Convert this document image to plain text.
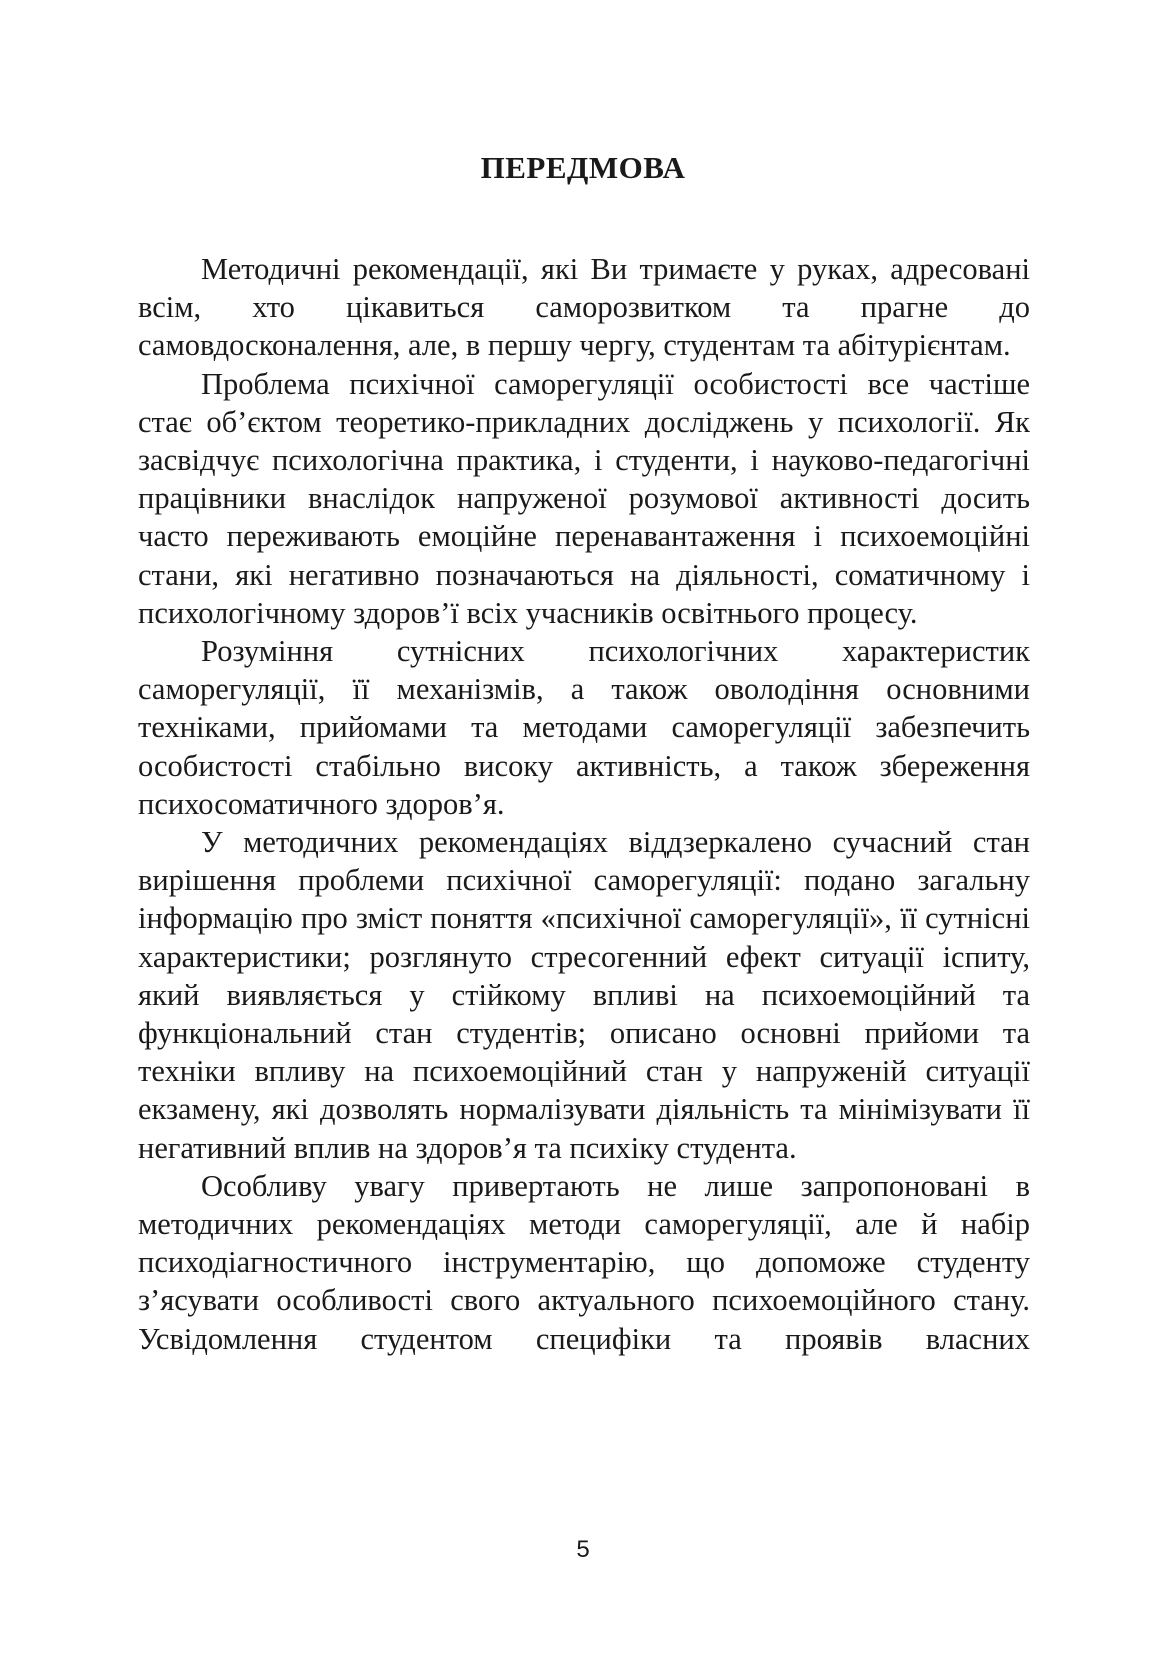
ПЕРЕДМОВА

Методичні рекомендації, які Ви тримаєте у руках, адресовані всім, хто цікавиться саморозвитком та прагне до самовдосконалення, але, в першу чергу, студентам та абітурієнтам.

Проблема психічної саморегуляції особистості все частіше стає об’єктом теоретико-прикладних досліджень у психології. Як засвідчує психологічна практика, і студенти, і науково-педагогічні працівники внаслідок напруженої розумової активності досить часто переживають емоційне перенавантаження і психоемоційні стани, які негативно позначаються на діяльності, соматичному і психологічному здоров’ї всіх учасників освітнього процесу.

Розуміння сутнісних психологічних характеристик саморегуляції, її механізмів, а також оволодіння основними техніками, прийомами та методами саморегуляції забезпечить особистості стабільно високу активність, а також збереження психосоматичного здоров’я.

У методичних рекомендаціях віддзеркалено сучасний стан вирішення проблеми психічної саморегуляції: подано загальну інформацію про зміст поняття «психічної саморегуляції», її сутнісні характеристики; розглянуто стресогенний ефект ситуації іспиту, який виявляється у стійкому впливі на психоемоційний та функціональний стан студентів; описано основні прийоми та техніки впливу на психоемоційний стан у напруженій ситуації екзамену, які дозволять нормалізувати діяльність та мінімізувати її негативний вплив на здоров’я та психіку студента.

Особливу увагу привертають не лише запропоновані в методичних рекомендаціях методи саморегуляції, але й набір психодіагностичного інструментарію, що допоможе студенту з’ясувати особливості свого актуального психоемоційного стану. Усвідомлення студентом специфіки та проявів власних

5
